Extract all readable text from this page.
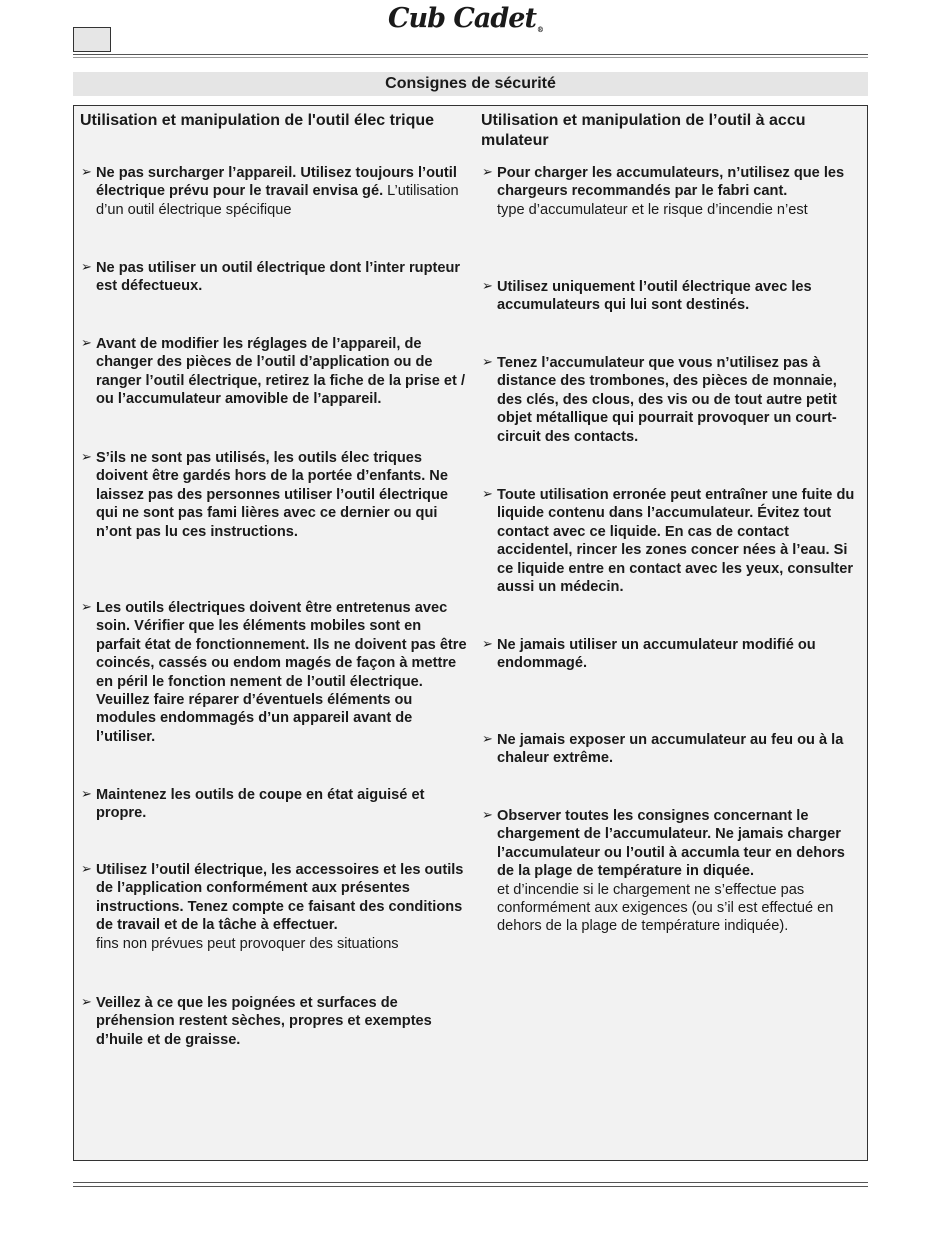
Cub Cadet®
Consignes de sécurité
Utilisation et manipulation de l'outil élec trique
➢ Ne pas surcharger l’appareil. Utilisez toujours l’outil électrique prévu pour le travail envisa gé. L’utilisation d’un outil électrique spécifique
➢ Ne pas utiliser un outil électrique dont l’inter rupteur est défectueux.
➢ Avant de modifier les réglages de l’appareil, de changer des pièces de l’outil d’application ou de ranger l’outil électrique, retirez la fiche de la prise et / ou l’accumulateur amovible de l’appareil.
➢ S’ils ne sont pas utilisés, les outils élec triques doivent être gardés hors de la portée d’enfants. Ne laissez pas des personnes utiliser l’outil électrique qui ne sont pas fami lières avec ce dernier ou qui n’ont pas lu ces instructions.
➢ Les outils électriques doivent être entretenus avec soin. Vérifier que les éléments mobiles sont en parfait état de fonctionnement. Ils ne doivent pas être coincés, cassés ou endom magés de façon à mettre en péril le fonction nement de l’outil électrique. Veuillez faire réparer d’éventuels éléments ou modules endommagés d’un appareil avant de l’utiliser.
➢ Maintenez les outils de coupe en état aiguisé et propre.
➢ Utilisez l’outil électrique, les accessoires et les outils de l’application conformément aux présentes instructions. Tenez compte ce faisant des conditions de travail et de la tâche à effectuer.
fins non prévues peut provoquer des situations
➢ Veillez à ce que les poignées et surfaces de préhension restent sèches, propres et exemptes d’huile et de graisse.
Utilisation et manipulation de l’outil à accu mulateur
➢ Pour charger les accumulateurs, n’utilisez que les chargeurs recommandés par le fabri cant.
type d’accumulateur et le risque d’incendie n’est
➢ Utilisez uniquement l’outil électrique avec les accumulateurs qui lui sont destinés.
➢ Tenez l’accumulateur que vous n’utilisez pas à distance des trombones, des pièces de monnaie, des clés, des clous, des vis ou de tout autre petit objet métallique qui pourrait provoquer un court-circuit des contacts.
➢ Toute utilisation erronée peut entraîner une fuite du liquide contenu dans l’accumulateur. Évitez tout contact avec ce liquide. En cas de contact accidentel, rincer les zones concer nées à l’eau. Si ce liquide entre en contact avec les yeux, consulter aussi un médecin.
➢ Ne jamais utiliser un accumulateur modifié ou endommagé.
➢ Ne jamais exposer un accumulateur au feu ou à la chaleur extrême.
➢ Observer toutes les consignes concernant le chargement de l’accumulateur. Ne jamais charger l’accumulateur ou l’outil à accumla teur en dehors de la plage de température in diquée.
et d’incendie si le chargement ne s’effectue pas conformément aux exigences (ou s’il est effectué en dehors de la plage de température indiquée).
